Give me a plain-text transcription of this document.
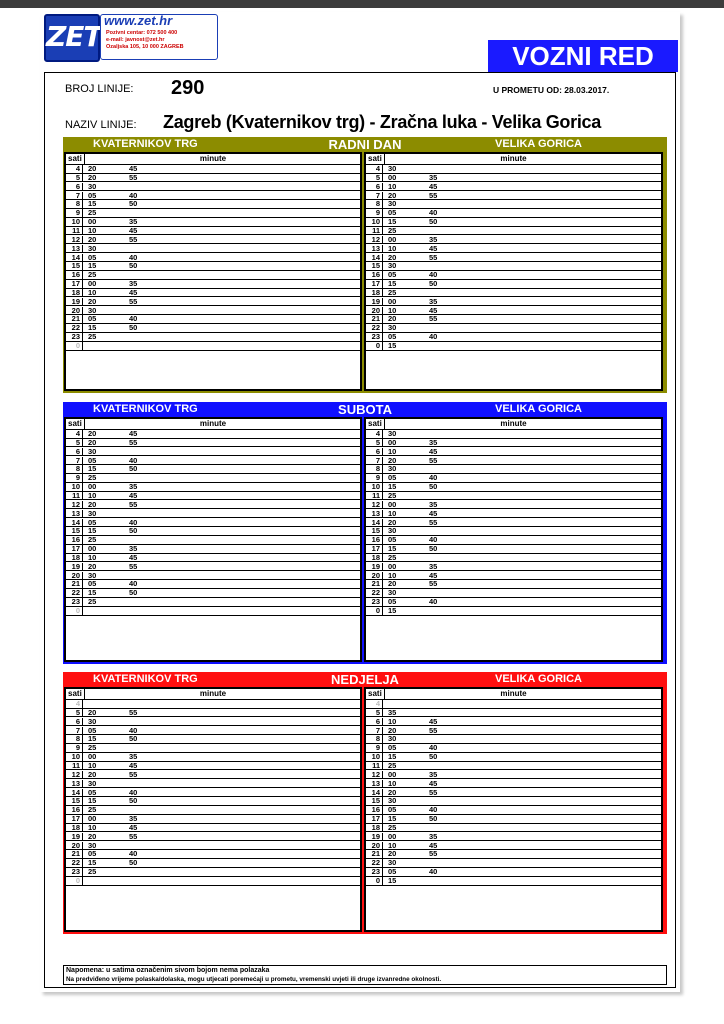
ZET www.zet.hr
Pozivni centar: 072 500 400
e-mail: javnost@zet.hr
Ozaljska 105, 10 000 ZAGREB	VOZNI RED
BROJ LINIJE: 290	U PROMETU OD: 28.03.2017.
NAZIV LINIJE: Zagreb (Kvaternikov trg) - Zračna luka - Velika Gorica
KVATERNIKOV TRG	RADNI DAN	VELIKA GORICA
sati	minute
4	20	45
5	20	55
6	30
7	05	40
8	15	50
9	25
10	00	35
11	10	45
12	20	55
13	30
14	05	40
15	15	50
16	25
17	00	35
18	10	45
19	20	55
20	30
21	05	40
22	15	50
23	25
0
sati	minute
4	30
5	00	35
6	10	45
7	20	55
8	30
9	05	40
10	15	50
11	25
12	00	35
13	10	45
14	20	55
15	30
16	05	40
17	15	50
18	25
19	00	35
20	10	45
21	20	55
22	30
23	05	40
0	15
KVATERNIKOV TRG	SUBOTA	VELIKA GORICA
sati	minute
4	20	45
5	20	55
6	30
7	05	40
8	15	50
9	25
10	00	35
11	10	45
12	20	55
13	30
14	05	40
15	15	50
16	25
17	00	35
18	10	45
19	20	55
20	30
21	05	40
22	15	50
23	25
0
sati	minute
4	30
5	00	35
6	10	45
7	20	55
8	30
9	05	40
10	15	50
11	25
12	00	35
13	10	45
14	20	55
15	30
16	05	40
17	15	50
18	25
19	00	35
20	10	45
21	20	55
22	30
23	05	40
0	15
KVATERNIKOV TRG	NEDJELJA	VELIKA GORICA
sati	minute
4
5	20	55
6	30
7	05	40
8	15	50
9	25
10	00	35
11	10	45
12	20	55
13	30
14	05	40
15	15	50
16	25
17	00	35
18	10	45
19	20	55
20	30
21	05	40
22	15	50
23	25
0
sati	minute
4
5	35
6	10	45
7	20	55
8	30
9	05	40
10	15	50
11	25
12	00	35
13	10	45
14	20	55
15	30
16	05	40
17	15	50
18	25
19	00	35
20	10	45
21	20	55
22	30
23	05	40
0	15
Napomena: u satima označenim sivom bojom nema polazaka
Na predviđeno vrijeme polaska/dolaska, mogu utjecati poremećaji u prometu, vremenski uvjeti ili druge izvanredne okolnosti.
